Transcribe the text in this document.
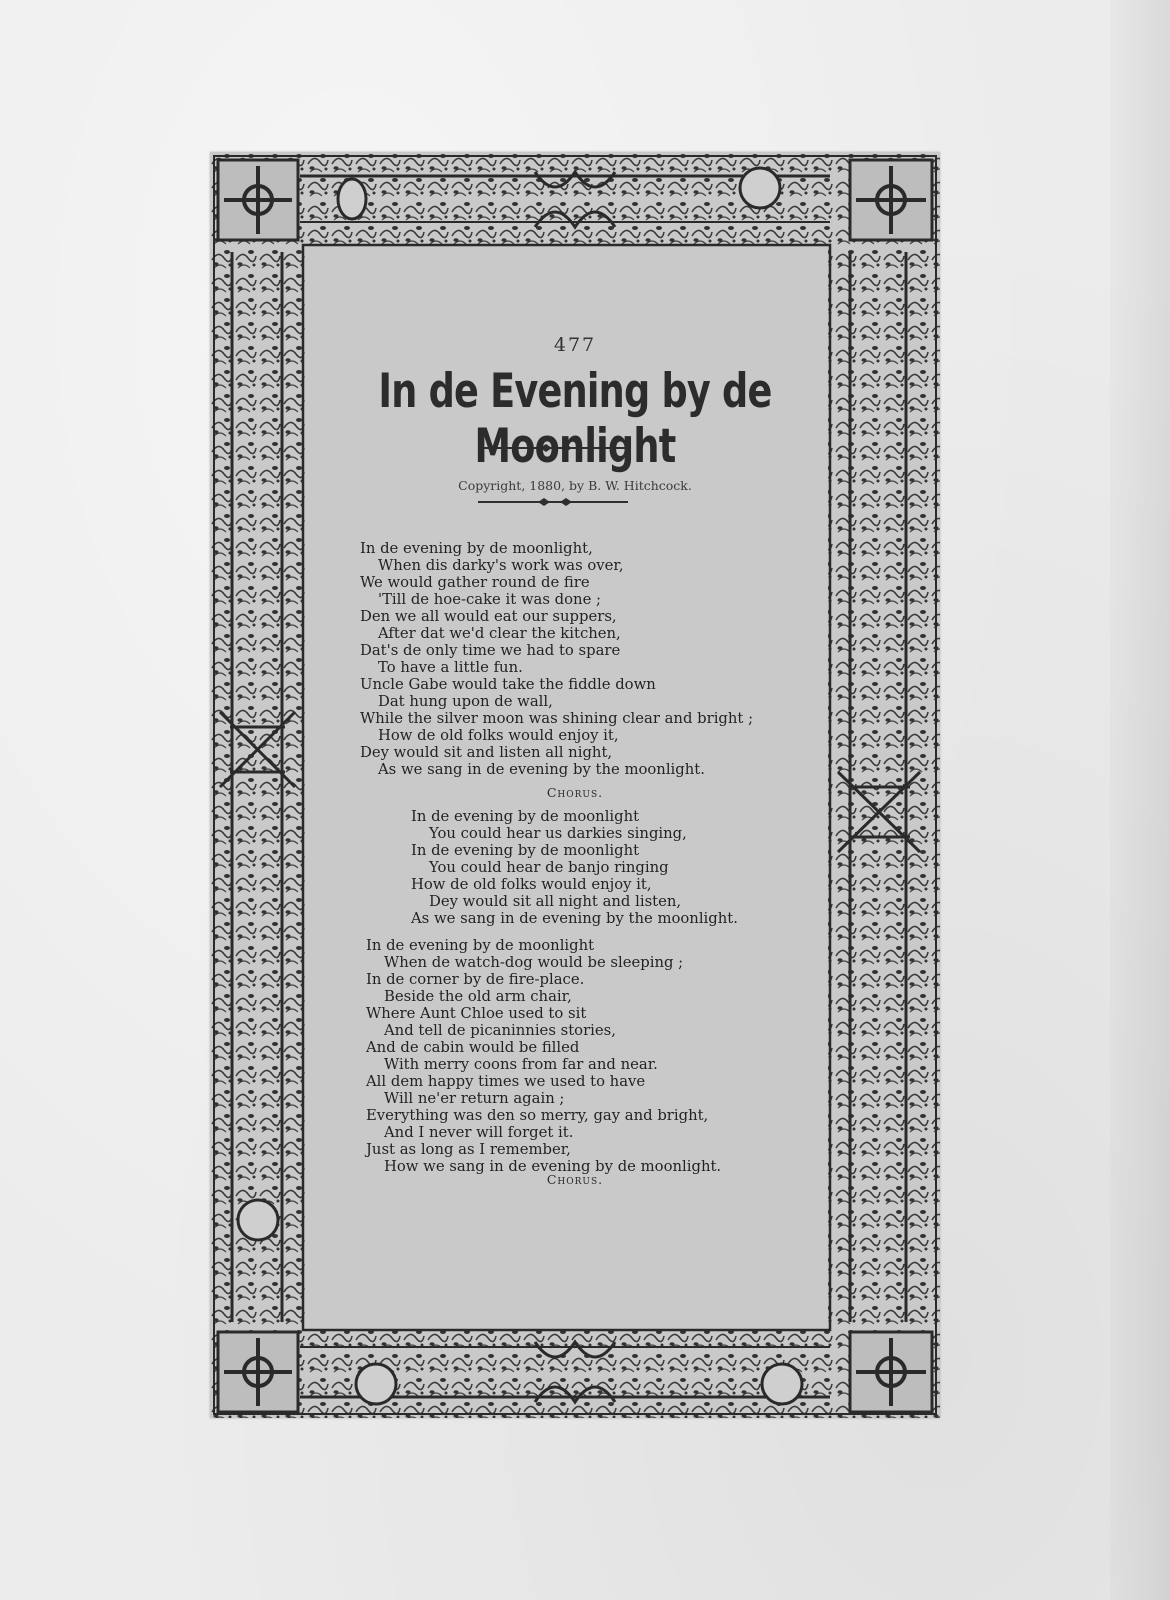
477
In de Evening by de Moonlight
Copyright, 1880, by B. W. Hitchcock.
In de evening by de moonlight,
When dis darky's work was over,
We would gather round de fire
'Till de hoe-cake it was done ;
Den we all would eat our suppers,
After dat we'd clear the kitchen,
Dat's de only time we had to spare
To have a little fun.
Uncle Gabe would take the fiddle down
Dat hung upon de wall,
While the silver moon was shining clear and bright ;
How de old folks would enjoy it,
Dey would sit and listen all night,
As we sang in de evening by the moonlight.
Chorus.
In de evening by de moonlight
You could hear us darkies singing,
In de evening by de moonlight
You could hear de banjo ringing
How de old folks would enjoy it,
Dey would sit all night and listen,
As we sang in de evening by the moonlight.
In de evening by de moonlight
When de watch-dog would be sleeping ;
In de corner by de fire-place.
Beside the old arm chair,
Where Aunt Chloe used to sit
And tell de picaninnies stories,
And de cabin would be filled
With merry coons from far and near.
All dem happy times we used to have
Will ne'er return again ;
Everything was den so merry, gay and bright,
And I never will forget it.
Just as long as I remember,
How we sang in de evening by de moonlight.
Chorus.
